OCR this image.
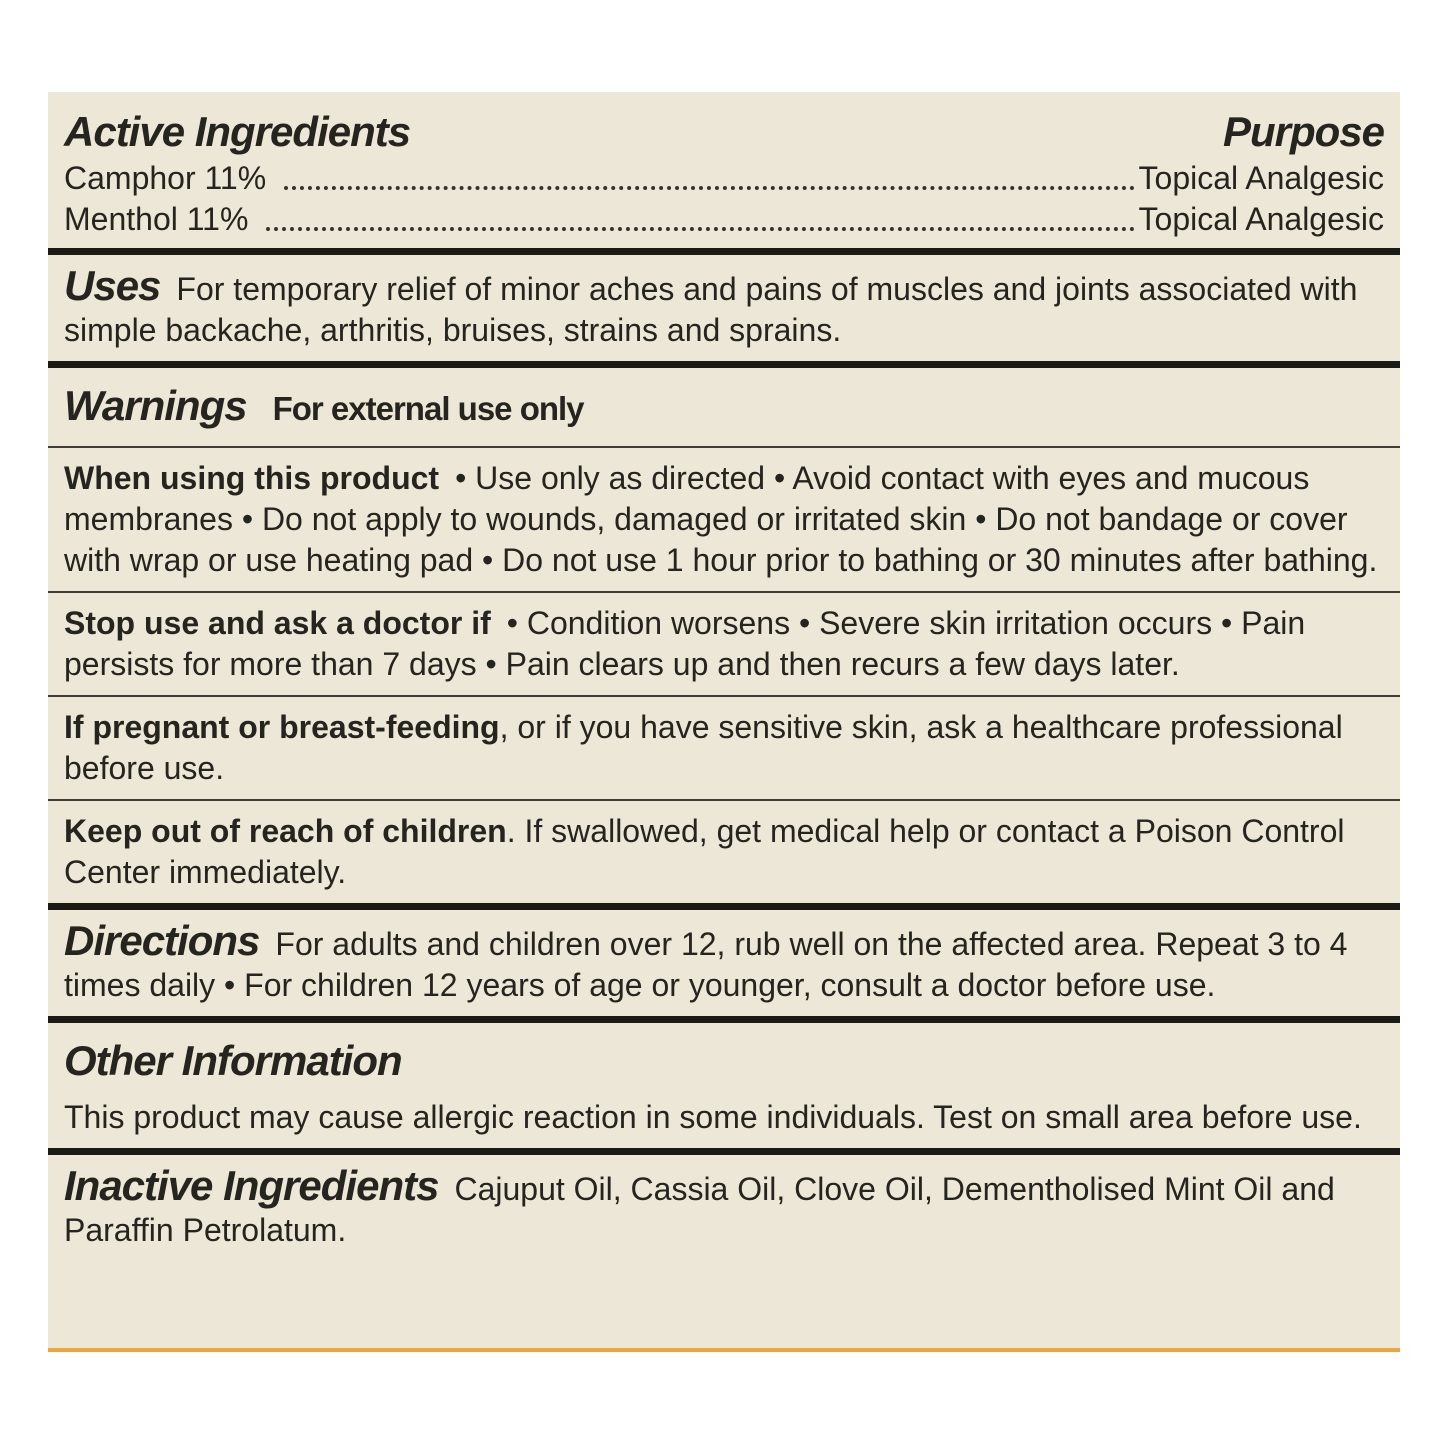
Active Ingredients	Purpose
Camphor 11%	Topical Analgesic
Menthol 11%	Topical Analgesic

Uses For temporary relief of minor aches and pains of muscles and joints associated with simple backache, arthritis, bruises, strains and sprains.

Warnings For external use only

When using this product • Use only as directed • Avoid contact with eyes and mucous membranes • Do not apply to wounds, damaged or irritated skin • Do not bandage or cover with wrap or use heating pad • Do not use 1 hour prior to bathing or 30 minutes after bathing.

Stop use and ask a doctor if • Condition worsens • Severe skin irritation occurs • Pain persists for more than 7 days • Pain clears up and then recurs a few days later.

If pregnant or breast-feeding, or if you have sensitive skin, ask a healthcare professional before use.

Keep out of reach of children. If swallowed, get medical help or contact a Poison Control Center immediately.

Directions For adults and children over 12, rub well on the affected area. Repeat 3 to 4 times daily • For children 12 years of age or younger, consult a doctor before use.

Other Information

This product may cause allergic reaction in some individuals. Test on small area before use.

Inactive Ingredients Cajuput Oil, Cassia Oil, Clove Oil, Dementholised Mint Oil and Paraffin Petrolatum.
